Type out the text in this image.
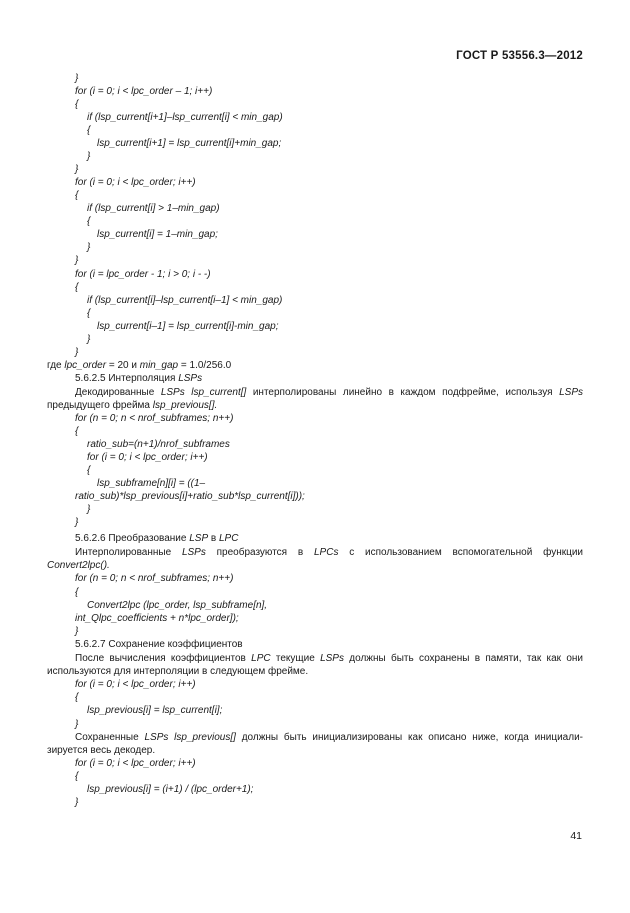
ГОСТ Р 53556.3—2012
}
for (i = 0; i < lpc_order – 1; i++)
{
if (lsp_current[i+1]–lsp_current[i] < min_gap)
{
lsp_current[i+1] = lsp_current[i]+min_gap;
}
}
for (i = 0; i < lpc_order; i++)
{
if (lsp_current[i] > 1–min_gap)
{
lsp_current[i] = 1–min_gap;
}
}
for (i = lpc_order - 1; i > 0; i - -)
{
if (lsp_current[i]–lsp_current[i–1] < min_gap)
{
lsp_current[i–1] = lsp_current[i]-min_gap;
}
}
где lpc_order = 20 и min_gap = 1.0/256.0
5.6.2.5 Интерполяция LSPs
Декодированные LSPs lsp_current[] интерполированы линейно в каждом подфрейме, используя LSPs
предыдущего фрейма lsp_previous[].
for (n = 0; n < nrof_subframes; n++)
{
ratio_sub=(n+1)/nrof_subframes
for (i = 0; i < lpc_order; i++)
{
lsp_subframe[n][i] = ((1–
ratio_sub)*lsp_previous[i]+ratio_sub*lsp_current[i]));
}
}
5.6.2.6 Преобразование LSP в LPC
Интерполированные LSPs преобразуются в LPCs с использованием вспомогательной функции
Convert2lpc().
for (n = 0; n < nrof_subframes; n++)
{
Convert2lpc (lpc_order, lsp_subframe[n],
int_Qlpc_coefficients + n*lpc_order]);
}
5.6.2.7 Сохранение коэффициентов
После вычисления коэффициентов LPC текущие LSPs должны быть сохранены в памяти, так как они
используются для интерполяции в следующем фрейме.
for (i = 0; i < lpc_order; i++)
{
lsp_previous[i] = lsp_current[i];
}
Сохраненные LSPs lsp_previous[] должны быть инициализированы как описано ниже, когда инициали-
зируется весь декодер.
for (i = 0; i < lpc_order; i++)
{
lsp_previous[i] = (i+1) / (lpc_order+1);
}
41
